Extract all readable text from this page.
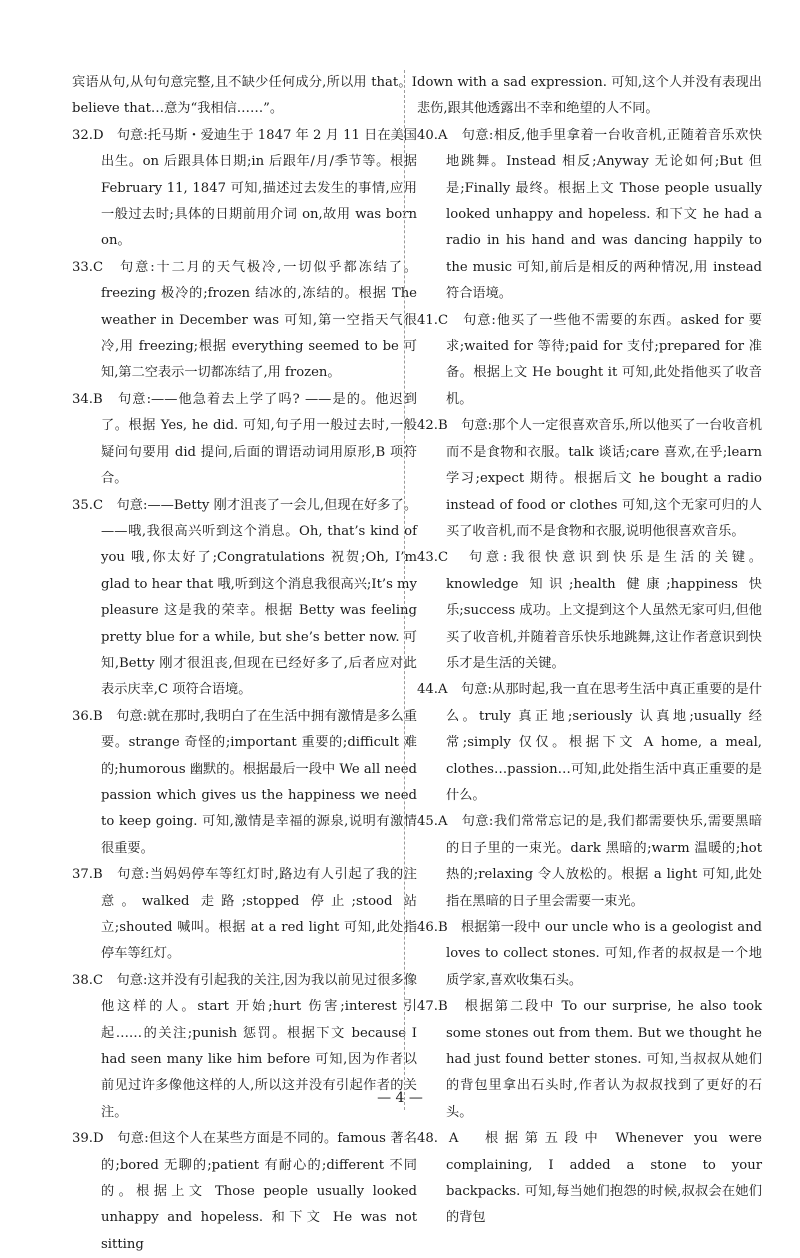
宾语从句,从句句意完整,且不缺少任何成分,所以用 that。I believe that…意为“我相信……”。

32.D　 句意:托马斯・爱迪生于 1847 年 2 月 11 日在美国出生。on 后跟具体日期;in 后跟年/月/季节等。根据 February 11, 1847 可知,描述过去发生的事情,应用一般过去时;具体的日期前用介词 on,故用 was born on。

33.C　 句意:十二月的天气极冷,一切似乎都冻结了。freezing 极冷的;frozen 结冰的,冻结的。根据 The weather in December was 可知,第一空指天气很冷,用 freezing;根据 everything seemed to be 可知,第二空表示一切都冻结了,用 frozen。

34.B　 句意:——他急着去上学了吗? ——是的。他迟到了。根据 Yes, he did. 可知,句子用一般过去时,一般疑问句要用 did 提问,后面的谓语动词用原形,B 项符合。

35.C　 句意:——Betty 刚才沮丧了一会儿,但现在好多了。——哦,我很高兴听到这个消息。Oh, that’s kind of you 哦,你太好了;Congratulations 祝贺;Oh, I’m glad to hear that 哦,听到这个消息我很高兴;It’s my pleasure 这是我的荣幸。根据 Betty was feeling pretty blue for a while, but she’s better now. 可知,Betty 刚才很沮丧,但现在已经好多了,后者应对此表示庆幸,C 项符合语境。

36.B　 句意:就在那时,我明白了在生活中拥有激情是多么重要。strange 奇怪的;important 重要的;difficult 难的;humorous 幽默的。根据最后一段中 We all need passion which gives us the happiness we need to keep going. 可知,激情是幸福的源泉,说明有激情很重要。

37.B　 句意:当妈妈停车等红灯时,路边有人引起了我的注意。walked 走路;stopped 停止;stood 站立;shouted 喊叫。根据 at a red light 可知,此处指停车等红灯。

38.C　 句意:这并没有引起我的关注,因为我以前见过很多像他这样的人。start 开始;hurt 伤害;interest 引起……的关注;punish 惩罚。根据下文 because I had seen many like him before 可知,因为作者以前见过许多像他这样的人,所以这并没有引起作者的关注。

39.D　 句意:但这个人在某些方面是不同的。famous 著名的;bored 无聊的;patient 有耐心的;different 不同的。根据上文 Those people usually looked unhappy and hopeless. 和下文 He was not sitting

down with a sad expression. 可知,这个人并没有表现出悲伤,跟其他透露出不幸和绝望的人不同。

40.A　 句意:相反,他手里拿着一台收音机,正随着音乐欢快地跳舞。Instead 相反;Anyway 无论如何;But 但是;Finally 最终。根据上文 Those people usually looked unhappy and hopeless. 和下文 he had a radio in his hand and was dancing happily to the music 可知,前后是相反的两种情况,用 instead 符合语境。

41.C　 句意:他买了一些他不需要的东西。asked for 要求;waited for 等待;paid for 支付;prepared for 准备。根据上文 He bought it 可知,此处指他买了收音机。

42.B　 句意:那个人一定很喜欢音乐,所以他买了一台收音机而不是食物和衣服。talk 谈话;care 喜欢,在乎;learn 学习;expect 期待。根据后文 he bought a radio instead of food or clothes 可知,这个无家可归的人买了收音机,而不是食物和衣服,说明他很喜欢音乐。

43.C　 句意:我很快意识到快乐是生活的关键。knowledge 知识;health 健康;happiness 快乐;success 成功。上文提到这个人虽然无家可归,但他买了收音机,并随着音乐快乐地跳舞,这让作者意识到快乐才是生活的关键。

44.A　 句意:从那时起,我一直在思考生活中真正重要的是什么。truly 真正地;seriously 认真地;usually 经常;simply 仅仅。根据下文 A home, a meal, clothes…passion…可知,此处指生活中真正重要的是什么。

45.A　 句意:我们常常忘记的是,我们都需要快乐,需要黑暗的日子里的一束光。dark 黑暗的;warm 温暖的;hot 热的;relaxing 令人放松的。根据 a light 可知,此处指在黑暗的日子里会需要一束光。

46.B　 根据第一段中 our uncle who is a geologist and loves to collect stones. 可知,作者的叔叔是一个地质学家,喜欢收集石头。

47.B　 根据第二段中 To our surprise, he also took some stones out from them. But we thought he had just found better stones. 可知,当叔叔从她们的背包里拿出石头时,作者认为叔叔找到了更好的石头。

48. A　 根据第五段中 Whenever you were complaining, I added a stone to your backpacks. 可知,每当她们抱怨的时候,叔叔会在她们的背包

— 4 —
